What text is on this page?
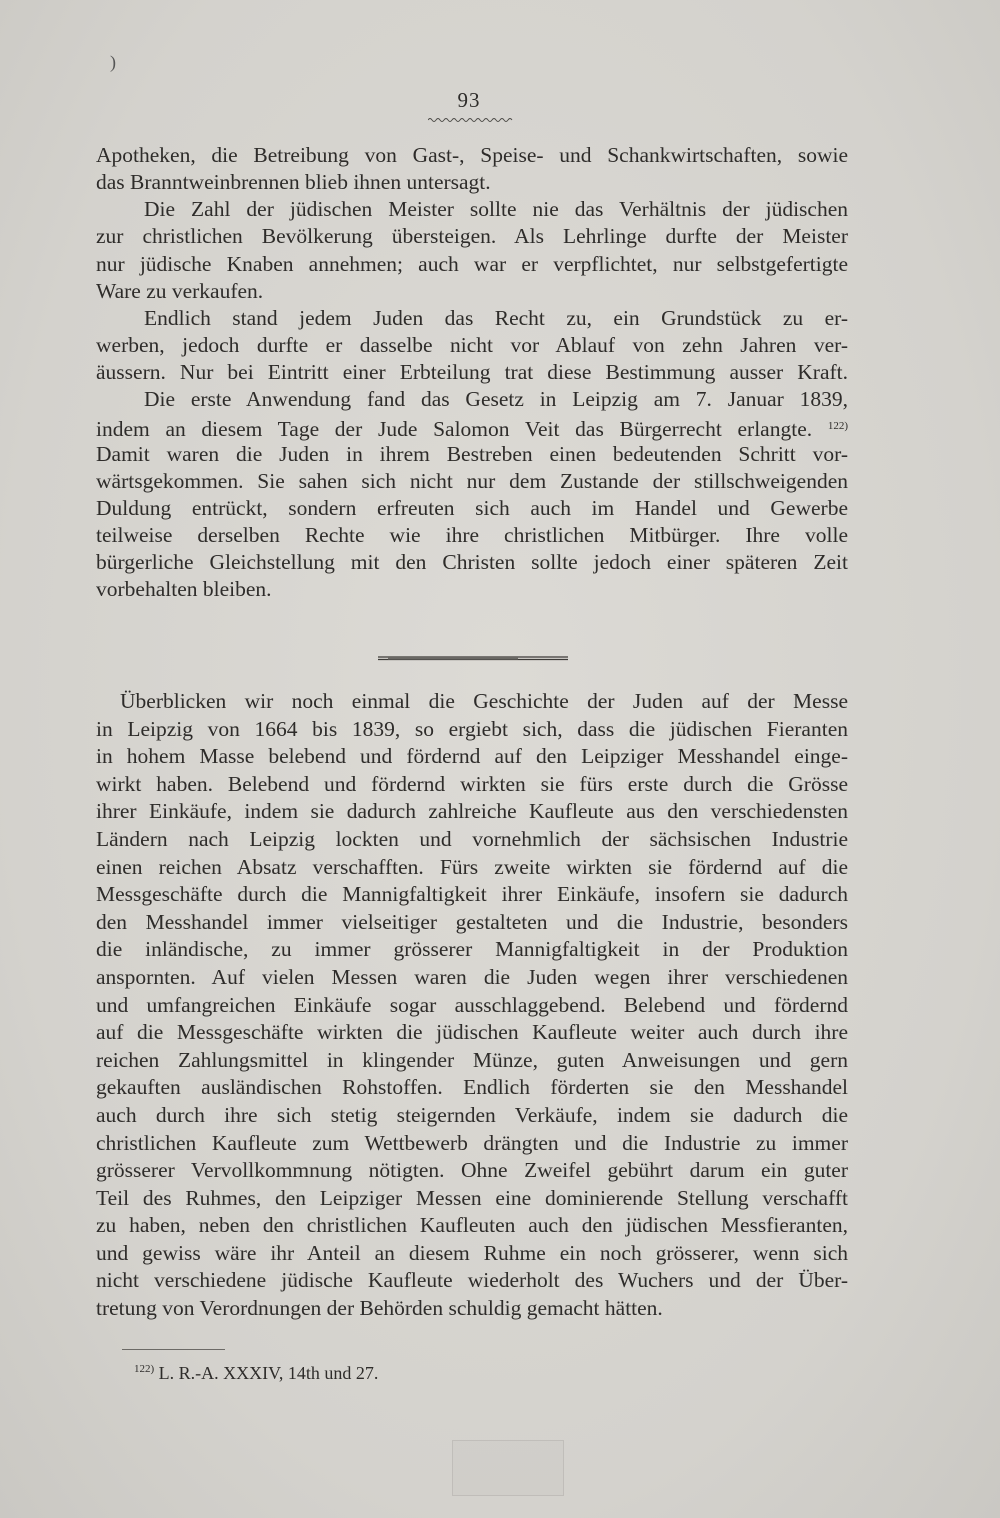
)
93
Apotheken, die Betreibung von Gast-, Speise- und Schankwirtschaften, sowie
das Branntweinbrennen blieb ihnen untersagt.
Die Zahl der jüdischen Meister sollte nie das Verhältnis der jüdischen
zur christlichen Bevölkerung übersteigen. Als Lehrlinge durfte der Meister
nur jüdische Knaben annehmen; auch war er verpflichtet, nur selbstgefertigte
Ware zu verkaufen.
Endlich stand jedem Juden das Recht zu, ein Grundstück zu er-
werben, jedoch durfte er dasselbe nicht vor Ablauf von zehn Jahren ver-
äussern. Nur bei Eintritt einer Erbteilung trat diese Bestimmung ausser Kraft.
Die erste Anwendung fand das Gesetz in Leipzig am 7. Januar 1839,
indem an diesem Tage der Jude Salomon Veit das Bürgerrecht erlangte. $^{122)}$
Damit waren die Juden in ihrem Bestreben einen bedeutenden Schritt vor-
wärtsgekommen. Sie sahen sich nicht nur dem Zustande der stillschweigenden
Duldung entrückt, sondern erfreuten sich auch im Handel und Gewerbe
teilweise derselben Rechte wie ihre christlichen Mitbürger. Ihre volle
bürgerliche Gleichstellung mit den Christen sollte jedoch einer späteren Zeit
vorbehalten bleiben.
Überblicken wir noch einmal die Geschichte der Juden auf der Messe
in Leipzig von 1664 bis 1839, so ergiebt sich, dass die jüdischen Fieranten
in hohem Masse belebend und fördernd auf den Leipziger Messhandel einge-
wirkt haben. Belebend und fördernd wirkten sie fürs erste durch die Grösse
ihrer Einkäufe, indem sie dadurch zahlreiche Kaufleute aus den verschiedensten
Ländern nach Leipzig lockten und vornehmlich der sächsischen Industrie
einen reichen Absatz verschafften. Fürs zweite wirkten sie fördernd auf die
Messgeschäfte durch die Mannigfaltigkeit ihrer Einkäufe, insofern sie dadurch
den Messhandel immer vielseitiger gestalteten und die Industrie, besonders
die inländische, zu immer grösserer Mannigfaltigkeit in der Produktion
anspornten. Auf vielen Messen waren die Juden wegen ihrer verschiedenen
und umfangreichen Einkäufe sogar ausschlaggebend. Belebend und fördernd
auf die Messgeschäfte wirkten die jüdischen Kaufleute weiter auch durch ihre
reichen Zahlungsmittel in klingender Münze, guten Anweisungen und gern
gekauften ausländischen Rohstoffen. Endlich förderten sie den Messhandel
auch durch ihre sich stetig steigernden Verkäufe, indem sie dadurch die
christlichen Kaufleute zum Wettbewerb drängten und die Industrie zu immer
grösserer Vervollkommnung nötigten. Ohne Zweifel gebührt darum ein guter
Teil des Ruhmes, den Leipziger Messen eine dominierende Stellung verschafft
zu haben, neben den christlichen Kaufleuten auch den jüdischen Messfieranten,
und gewiss wäre ihr Anteil an diesem Ruhme ein noch grösserer, wenn sich
nicht verschiedene jüdische Kaufleute wiederholt des Wuchers und der Über-
tretung von Verordnungen der Behörden schuldig gemacht hätten.
$^{122)}$ L. R.-A. XXXIV, 14th und 27.
